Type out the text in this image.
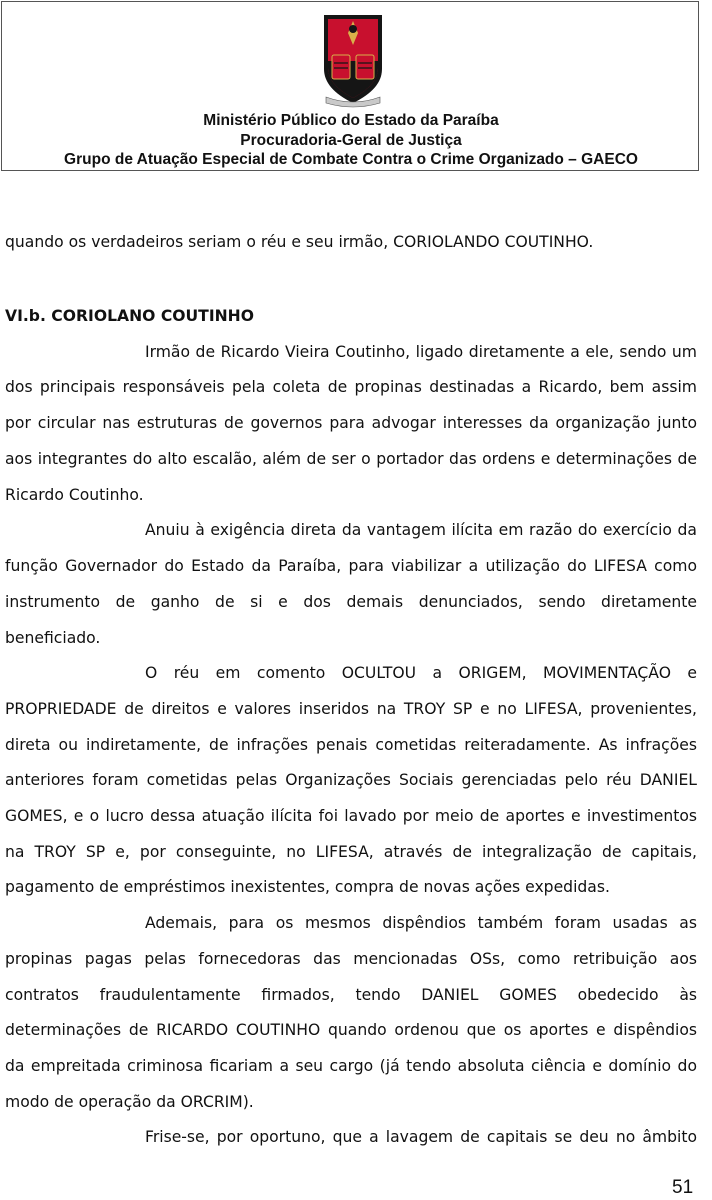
Ministério Público do Estado da Paraíba
Procuradoria-Geral de Justiça
Grupo de Atuação Especial de Combate Contra o Crime Organizado – GAECO
quando os verdadeiros seriam o réu e seu irmão, CORIOLANDO COUTINHO.
VI.b. CORIOLANO COUTINHO
Irmão de Ricardo Vieira Coutinho, ligado diretamente a ele, sendo um
dos principais responsáveis pela coleta de propinas destinadas a Ricardo, bem assim
por circular nas estruturas de governos para advogar interesses da organização junto
aos integrantes do alto escalão, além de ser o portador das ordens e determinações de
Ricardo Coutinho.
Anuiu à exigência direta da vantagem ilícita em razão do exercício da
função Governador do Estado da Paraíba, para viabilizar a utilização do LIFESA como
instrumento de ganho de si e dos demais denunciados, sendo diretamente
beneficiado.
O réu em comento OCULTOU a ORIGEM, MOVIMENTAÇÃO e
PROPRIEDADE de direitos e valores inseridos na TROY SP e no LIFESA, provenientes,
direta ou indiretamente, de infrações penais cometidas reiteradamente. As infrações
anteriores foram cometidas pelas Organizações Sociais gerenciadas pelo réu DANIEL
GOMES, e o lucro dessa atuação ilícita foi lavado por meio de aportes e investimentos
na TROY SP e, por conseguinte, no LIFESA, através de integralização de capitais,
pagamento de empréstimos inexistentes, compra de novas ações expedidas.
Ademais, para os mesmos dispêndios também foram usadas as
propinas pagas pelas fornecedoras das mencionadas OSs, como retribuição aos
contratos fraudulentamente firmados, tendo DANIEL GOMES obedecido às
determinações de RICARDO COUTINHO quando ordenou que os aportes e dispêndios
da empreitada criminosa ficariam a seu cargo (já tendo absoluta ciência e domínio do
modo de operação da ORCRIM).
Frise-se, por oportuno, que a lavagem de capitais se deu no âmbito
51
